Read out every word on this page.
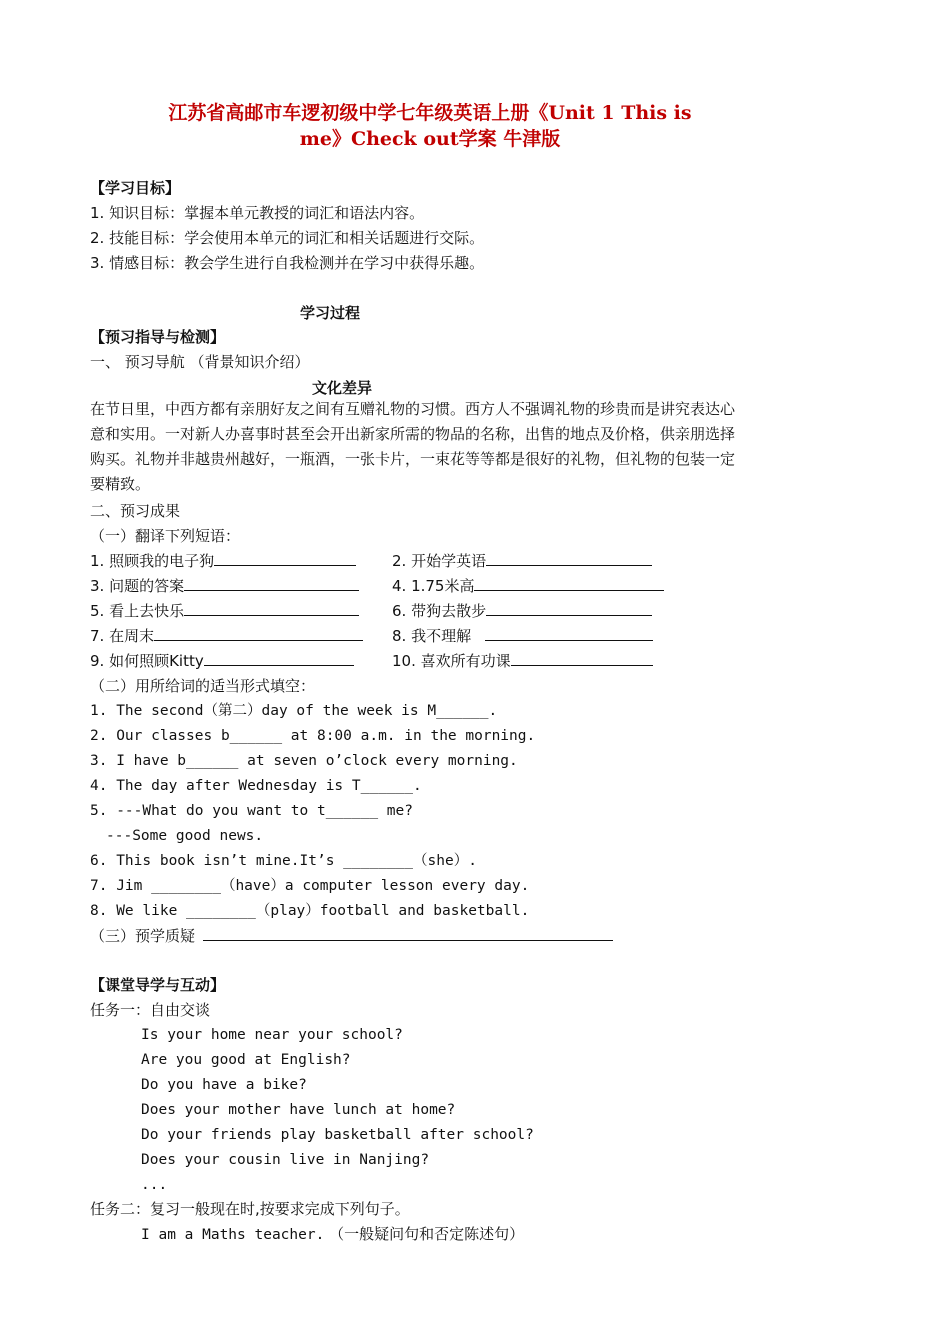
江苏省高邮市车逻初级中学七年级英语上册《Unit 1 This is
me》Check out学案 牛津版
【学习目标】
1. 知识目标：掌握本单元教授的词汇和语法内容。
2. 技能目标：学会使用本单元的词汇和相关话题进行交际。
3. 情感目标：教会学生进行自我检测并在学习中获得乐趣。
学习过程
【预习指导与检测】
一、 预习导航 （背景知识介绍）
文化差异
在节日里，中西方都有亲朋好友之间有互赠礼物的习惯。西方人不强调礼物的珍贵而是讲究表达心意和实用。一对新人办喜事时甚至会开出新家所需的物品的名称，出售的地点及价格，供亲朋选择购买。礼物并非越贵州越好，一瓶酒，一张卡片，一束花等等都是很好的礼物，但礼物的包装一定要精致。
二、预习成果
（一）翻译下列短语：
1. 照顾我的电子狗	2. 开始学英语
3. 问题的答案	4. 1.75米高
5. 看上去快乐	6. 带狗去散步
7. 在周末	8. 我不理解
9. 如何照顾Kitty	10. 喜欢所有功课
（二）用所给词的适当形式填空：
1. The second（第二）day of the week is M______.
2. Our classes b______ at 8:00 a.m. in the morning.
3. I have b______ at seven o’clock every morning.
4. The day after Wednesday is T______.
5. ---What do you want to t______ me?
---Some good news.
6. This book isn’t mine.It’s ________（she）.
7. Jim ________（have）a computer lesson every day.
8. We like ________（play）football and basketball.
（三）预学质疑
【课堂导学与互动】
任务一：自由交谈
Is your home near your school?
Are you good at English?
Do you have a bike?
Does your mother have lunch at home?
Do your friends play basketball after school?
Does your cousin live in Nanjing?
...
任务二：复习一般现在时,按要求完成下列句子。
I am a Maths teacher. （一般疑问句和否定陈述句）
